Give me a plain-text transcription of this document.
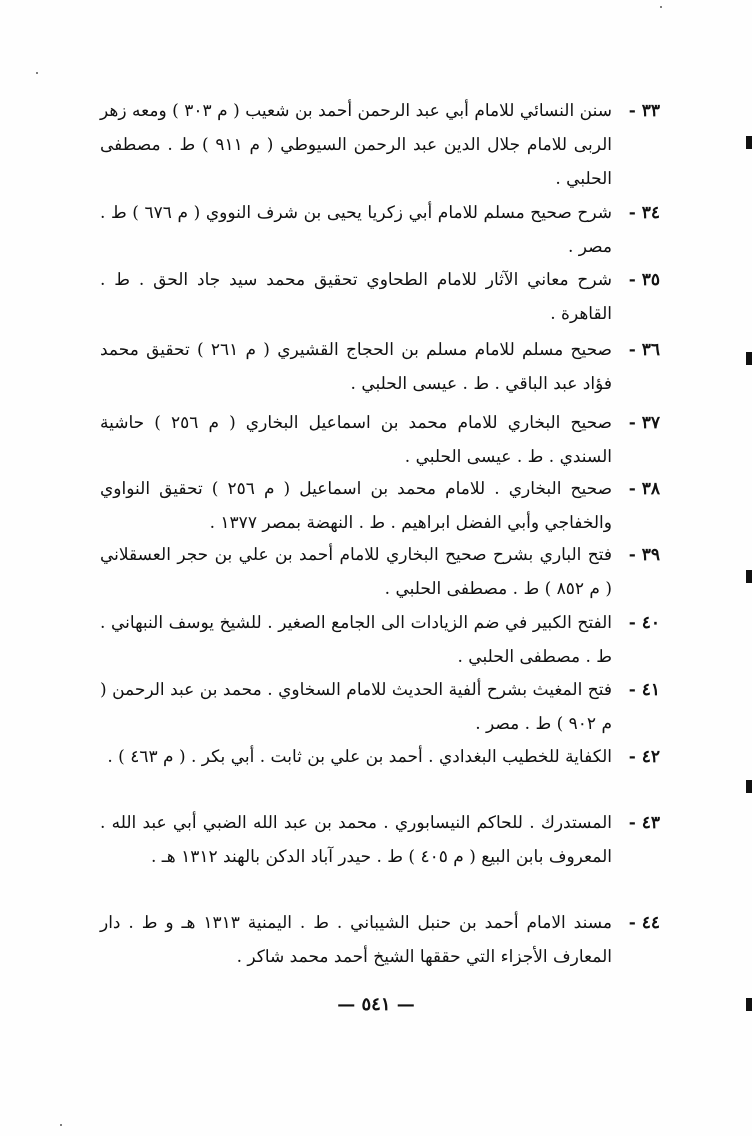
٣٣ -
سنن النسائي للامام أبي عبد الرحمن أحمد بن شعيب ( م ٣٠٣ ) ومعه زهر الربى للامام جلال الدين عبد الرحمن السيوطي ( م ٩١١ ) ط . مصطفى الحلبي .
٣٤ -
شرح صحيح مسلم للامام أبي زكريا يحيى بن شرف النووي ( م ٦٧٦ ) ط . مصر .
٣٥ -
شرح معاني الآثار للامام الطحاوي تحقيق محمد سيد جاد الحق . ط . القاهرة .
٣٦ -
صحيح مسلم للامام مسلم بن الحجاج القشيري ( م ٢٦١ ) تحقيق محمد فؤاد عبد الباقي . ط . عيسى الحلبي .
٣٧ -
صحيح البخاري للامام محمد بن اسماعيل البخاري ( م ٢٥٦ ) حاشية السندي . ط . عيسى الحلبي .
٣٨ -
صحيح البخاري . للامام محمد بن اسماعيل ( م ٢٥٦ ) تحقيق النواوي والخفاجي وأبي الفضل ابراهيم . ط . النهضة بمصر ١٣٧٧ .
٣٩ -
فتح الباري بشرح صحيح البخاري للامام أحمد بن علي بن حجر العسقلاني ( م ٨٥٢ ) ط . مصطفى الحلبي .
٤٠ -
الفتح الكبير في ضم الزيادات الى الجامع الصغير . للشيخ يوسف النبهاني . ط . مصطفى الحلبي .
٤١ -
فتح المغيث بشرح ألفية الحديث للامام السخاوي . محمد بن عبد الرحمن ( م ٩٠٢ ) ط . مصر .
٤٢ -
الكفاية للخطيب البغدادي . أحمد بن علي بن ثابت . أبي بكر . ( م ٤٦٣ ) .
٤٣ -
المستدرك . للحاكم النيسابوري . محمد بن عبد الله الضبي أبي عبد الله . المعروف بابن البيع ( م ٤٠٥ ) ط . حيدر آباد الدكن بالهند ١٣١٢ هـ .
٤٤ -
مسند الامام أحمد بن حنبل الشيباني . ط . اليمنية ١٣١٣ هـ و ط . دار المعارف الأجزاء التي حققها الشيخ أحمد محمد شاكر .
— ٥٤١ —
